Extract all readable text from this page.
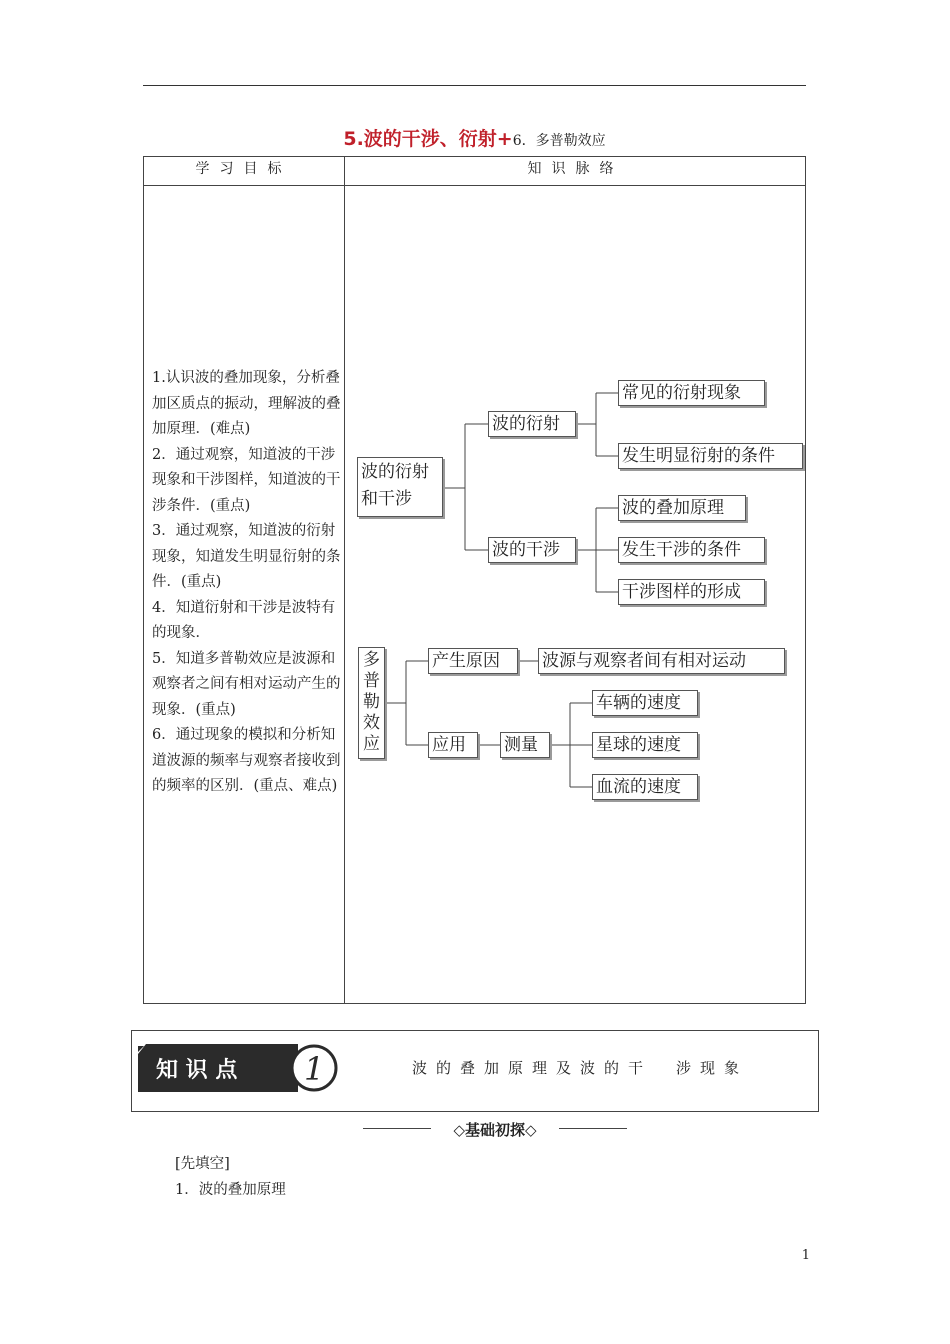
5.波的干涉、衍射+6．多普勒效应
学习目标	知识脉络

1.认识波的叠加现象，分析叠加区质点的振动，理解波的叠加原理．(难点)

2．通过观察，知道波的干涉现象和干涉图样，知道波的干涉条件．(重点)

3．通过观察，知道波的衍射现象，知道发生明显衍射的条件．(重点)

4．知道衍射和干涉是波特有的现象．

5．知道多普勒效应是波源和观察者之间有相对运动产生的现象．(重点)

6．通过现象的模拟和分析知道波源的频率与观察者接收到的频率的区别．(重点、难点)

波的衍射
和干涉
波的衍射
常见的衍射现象
发生明显衍射的条件
波的干涉
波的叠加原理
发生干涉的条件
干涉图样的形成
多
普
勒
效
应
产生原因	波源与观察者间有相对运动
应用	测量
车辆的速度
星球的速度
血流的速度
知 识 点 1	波的叠加原理及波的干　涉现象
◇基础初探◇
[先填空]
1．波的叠加原理
1
